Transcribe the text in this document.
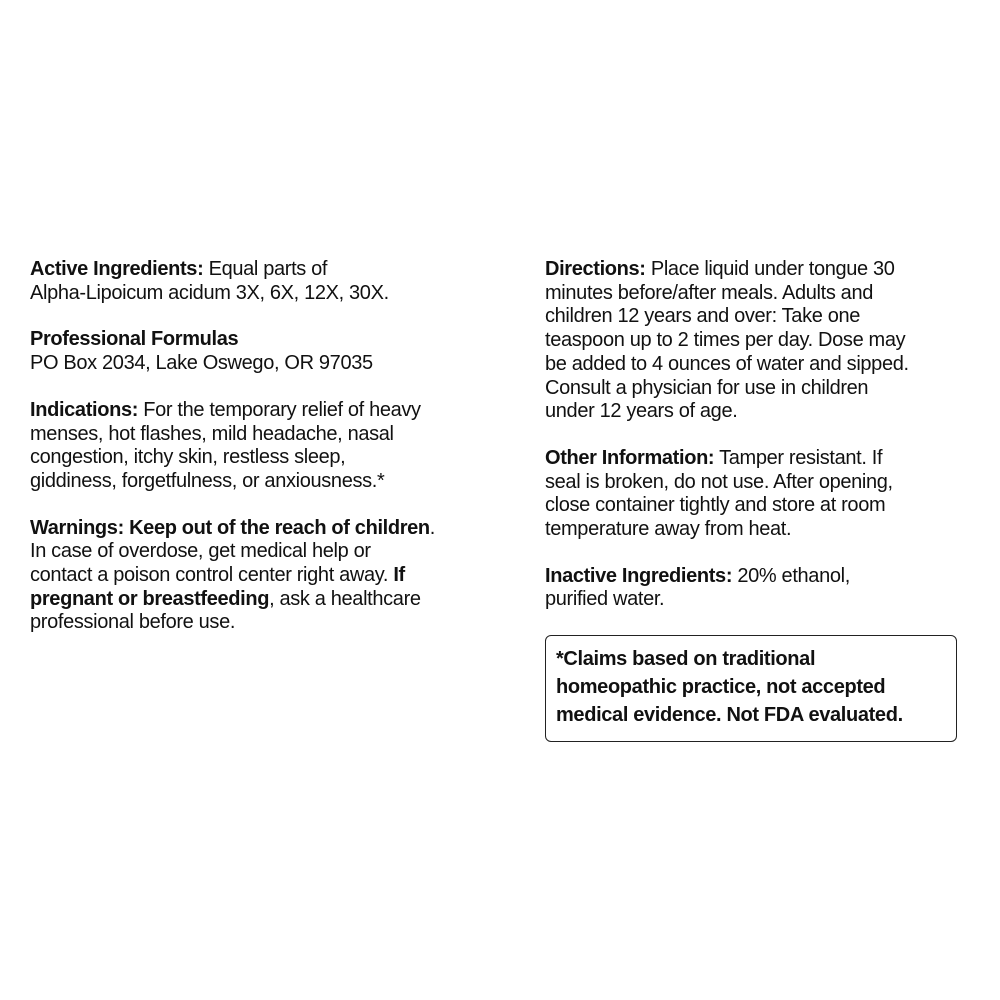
Active Ingredients: Equal parts of
Alpha-Lipoicum acidum 3X, 6X, 12X, 30X.
Professional Formulas
PO Box 2034, Lake Oswego, OR 97035
Indications: For the temporary relief of heavy
menses, hot flashes, mild headache, nasal
congestion, itchy skin, restless sleep,
giddiness, forgetfulness, or anxiousness.*
Warnings: Keep out of the reach of children.
In case of overdose, get medical help or
contact a poison control center right away. If
pregnant or breastfeeding, ask a healthcare
professional before use.
Directions: Place liquid under tongue 30
minutes before/after meals. Adults and
children 12 years and over: Take one
teaspoon up to 2 times per day. Dose may
be added to 4 ounces of water and sipped.
Consult a physician for use in children
under 12 years of age.
Other Information: Tamper resistant. If
seal is broken, do not use. After opening,
close container tightly and store at room
temperature away from heat.
Inactive Ingredients: 20% ethanol,
purified water.
*Claims based on traditional
homeopathic practice, not accepted
medical evidence. Not FDA evaluated.
